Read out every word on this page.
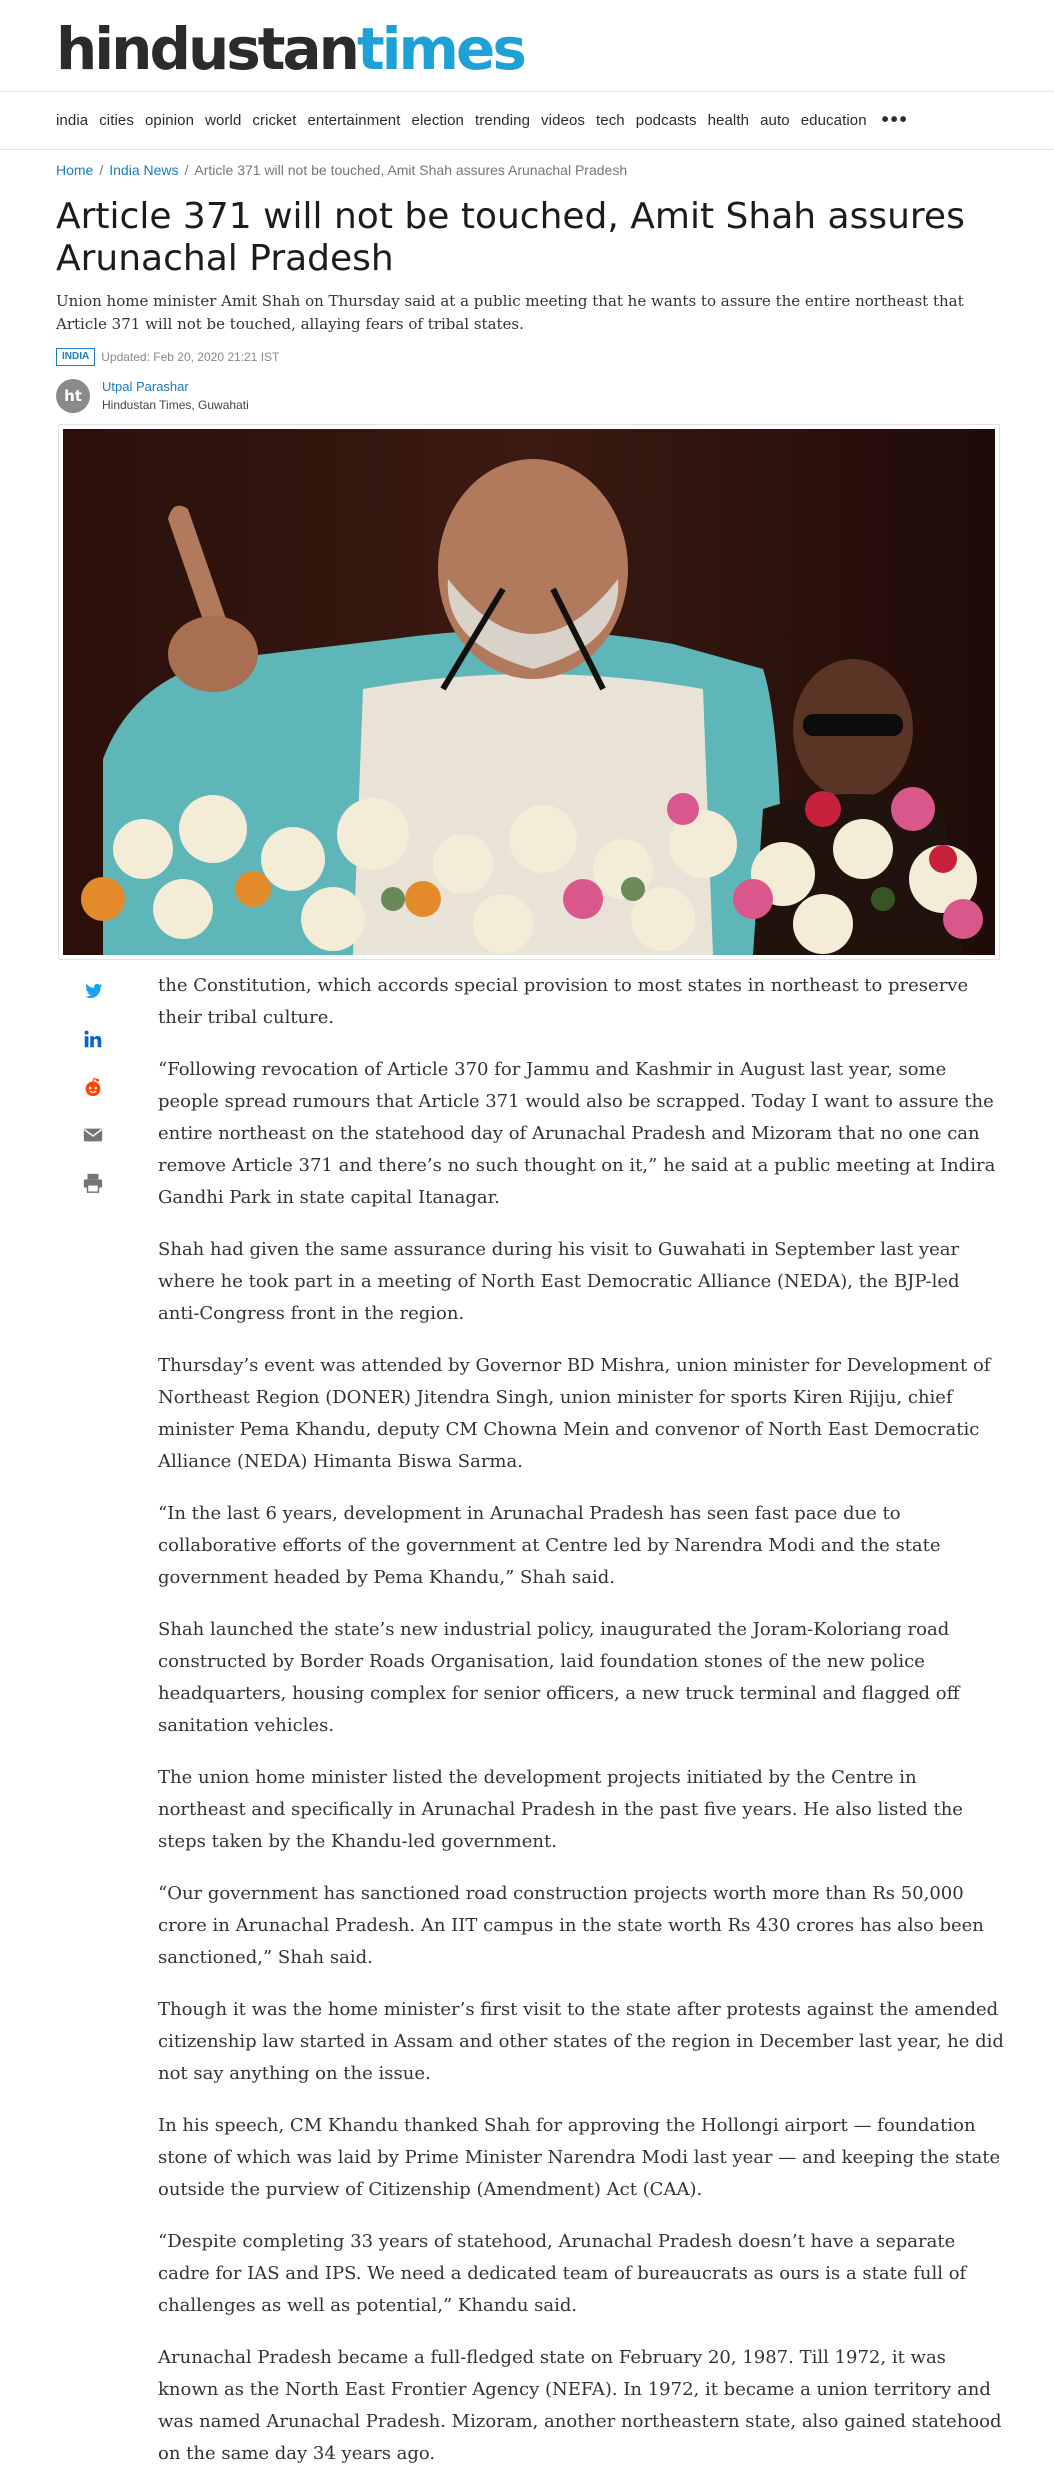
hindustantimes
india cities opinion world cricket entertainment election trending videos tech podcasts health auto education •••
Home / India News / Article 371 will not be touched, Amit Shah assures Arunachal Pradesh
Article 371 will not be touched, Amit Shah assures Arunachal Pradesh

Union home minister Amit Shah on Thursday said at a public meeting that he wants to assure the entire northeast that Article 371 will not be touched, allaying fears of tribal states.

INDIA	Updated: Feb 20, 2020 21:21 IST
ht
Utpal Parashar
Hindustan Times, Guwahati

the Constitution, which accords special provision to most states in northeast to preserve their tribal culture.

“Following revocation of Article 370 for Jammu and Kashmir in August last year, some people spread rumours that Article 371 would also be scrapped. Today I want to assure the entire northeast on the statehood day of Arunachal Pradesh and Mizoram that no one can remove Article 371 and there’s no such thought on it,” he said at a public meeting at Indira Gandhi Park in state capital Itanagar.

Shah had given the same assurance during his visit to Guwahati in September last year where he took part in a meeting of North East Democratic Alliance (NEDA), the BJP-led anti-Congress front in the region.

Thursday’s event was attended by Governor BD Mishra, union minister for Development of Northeast Region (DONER) Jitendra Singh, union minister for sports Kiren Rijiju, chief minister Pema Khandu, deputy CM Chowna Mein and convenor of North East Democratic Alliance (NEDA) Himanta Biswa Sarma.

“In the last 6 years, development in Arunachal Pradesh has seen fast pace due to collaborative efforts of the government at Centre led by Narendra Modi and the state government headed by Pema Khandu,” Shah said.

Shah launched the state’s new industrial policy, inaugurated the Joram-Koloriang road constructed by Border Roads Organisation, laid foundation stones of the new police headquarters, housing complex for senior officers, a new truck terminal and flagged off sanitation vehicles.

The union home minister listed the development projects initiated by the Centre in northeast and specifically in Arunachal Pradesh in the past five years. He also listed the steps taken by the Khandu-led government.

“Our government has sanctioned road construction projects worth more than Rs 50,000 crore in Arunachal Pradesh. An IIT campus in the state worth Rs 430 crores has also been sanctioned,” Shah said.

Though it was the home minister’s first visit to the state after protests against the amended citizenship law started in Assam and other states of the region in December last year, he did not say anything on the issue.

In his speech, CM Khandu thanked Shah for approving the Hollongi airport — foundation stone of which was laid by Prime Minister Narendra Modi last year — and keeping the state outside the purview of Citizenship (Amendment) Act (CAA).

“Despite completing 33 years of statehood, Arunachal Pradesh doesn’t have a separate cadre for IAS and IPS. We need a dedicated team of bureaucrats as ours is a state full of challenges as well as potential,” Khandu said.

Arunachal Pradesh became a full-fledged state on February 20, 1987. Till 1972, it was known as the North East Frontier Agency (NEFA). In 1972, it became a union territory and was named Arunachal Pradesh. Mizoram, another northeastern state, also gained statehood on the same day 34 years ago.
